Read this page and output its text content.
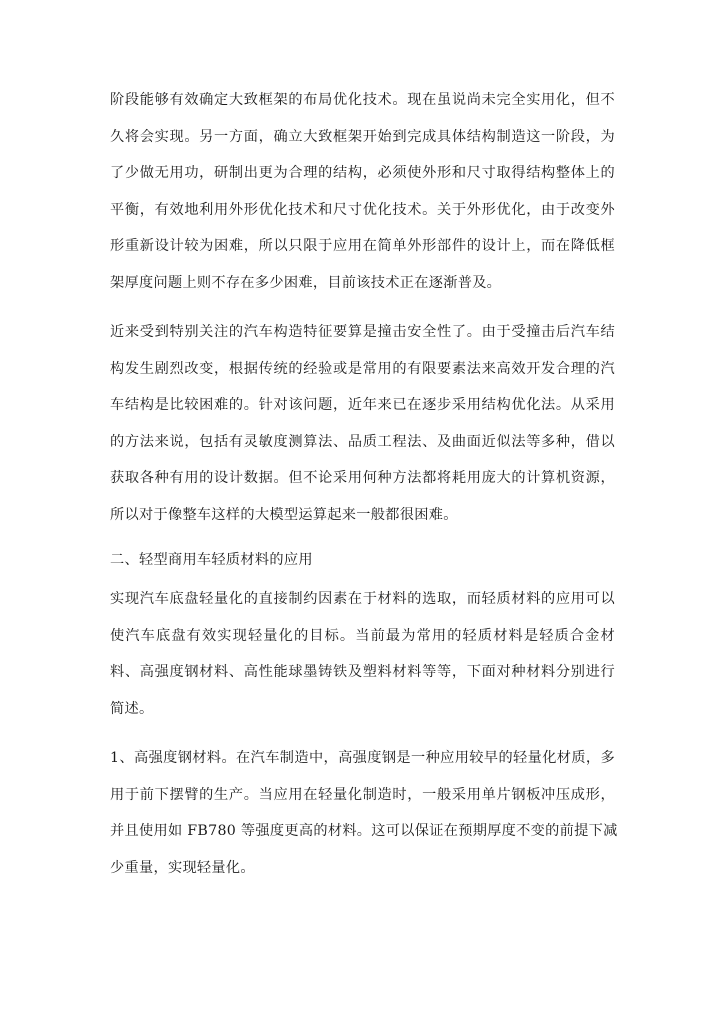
阶段能够有效确定大致框架的布局优化技术。现在虽说尚未完全实用化，但不
久将会实现。另一方面，确立大致框架开始到完成具体结构制造这一阶段，为
了少做无用功，研制出更为合理的结构，必须使外形和尺寸取得结构整体上的
平衡，有效地利用外形优化技术和尺寸优化技术。关于外形优化，由于改变外
形重新设计较为困难，所以只限于应用在简单外形部件的设计上，而在降低框
架厚度问题上则不存在多少困难，目前该技术正在逐渐普及。
近来受到特别关注的汽车构造特征要算是撞击安全性了。由于受撞击后汽车结
构发生剧烈改变，根据传统的经验或是常用的有限要素法来高效开发合理的汽
车结构是比较困难的。针对该问题，近年来已在逐步采用结构优化法。从采用
的方法来说，包括有灵敏度测算法、品质工程法、及曲面近似法等多种，借以
获取各种有用的设计数据。但不论采用何种方法都将耗用庞大的计算机资源，
所以对于像整车这样的大模型运算起来一般都很困难。
二、轻型商用车轻质材料的应用
实现汽车底盘轻量化的直接制约因素在于材料的选取，而轻质材料的应用可以
使汽车底盘有效实现轻量化的目标。当前最为常用的轻质材料是轻质合金材
料、高强度钢材料、高性能球墨铸铁及塑料材料等等，下面对种材料分别进行
简述。
1、高强度钢材料。在汽车制造中，高强度钢是一种应用较早的轻量化材质，多
用于前下摆臂的生产。当应用在轻量化制造时，一般采用单片钢板冲压成形，
并且使用如 FB780 等强度更高的材料。这可以保证在预期厚度不变的前提下减
少重量，实现轻量化。
